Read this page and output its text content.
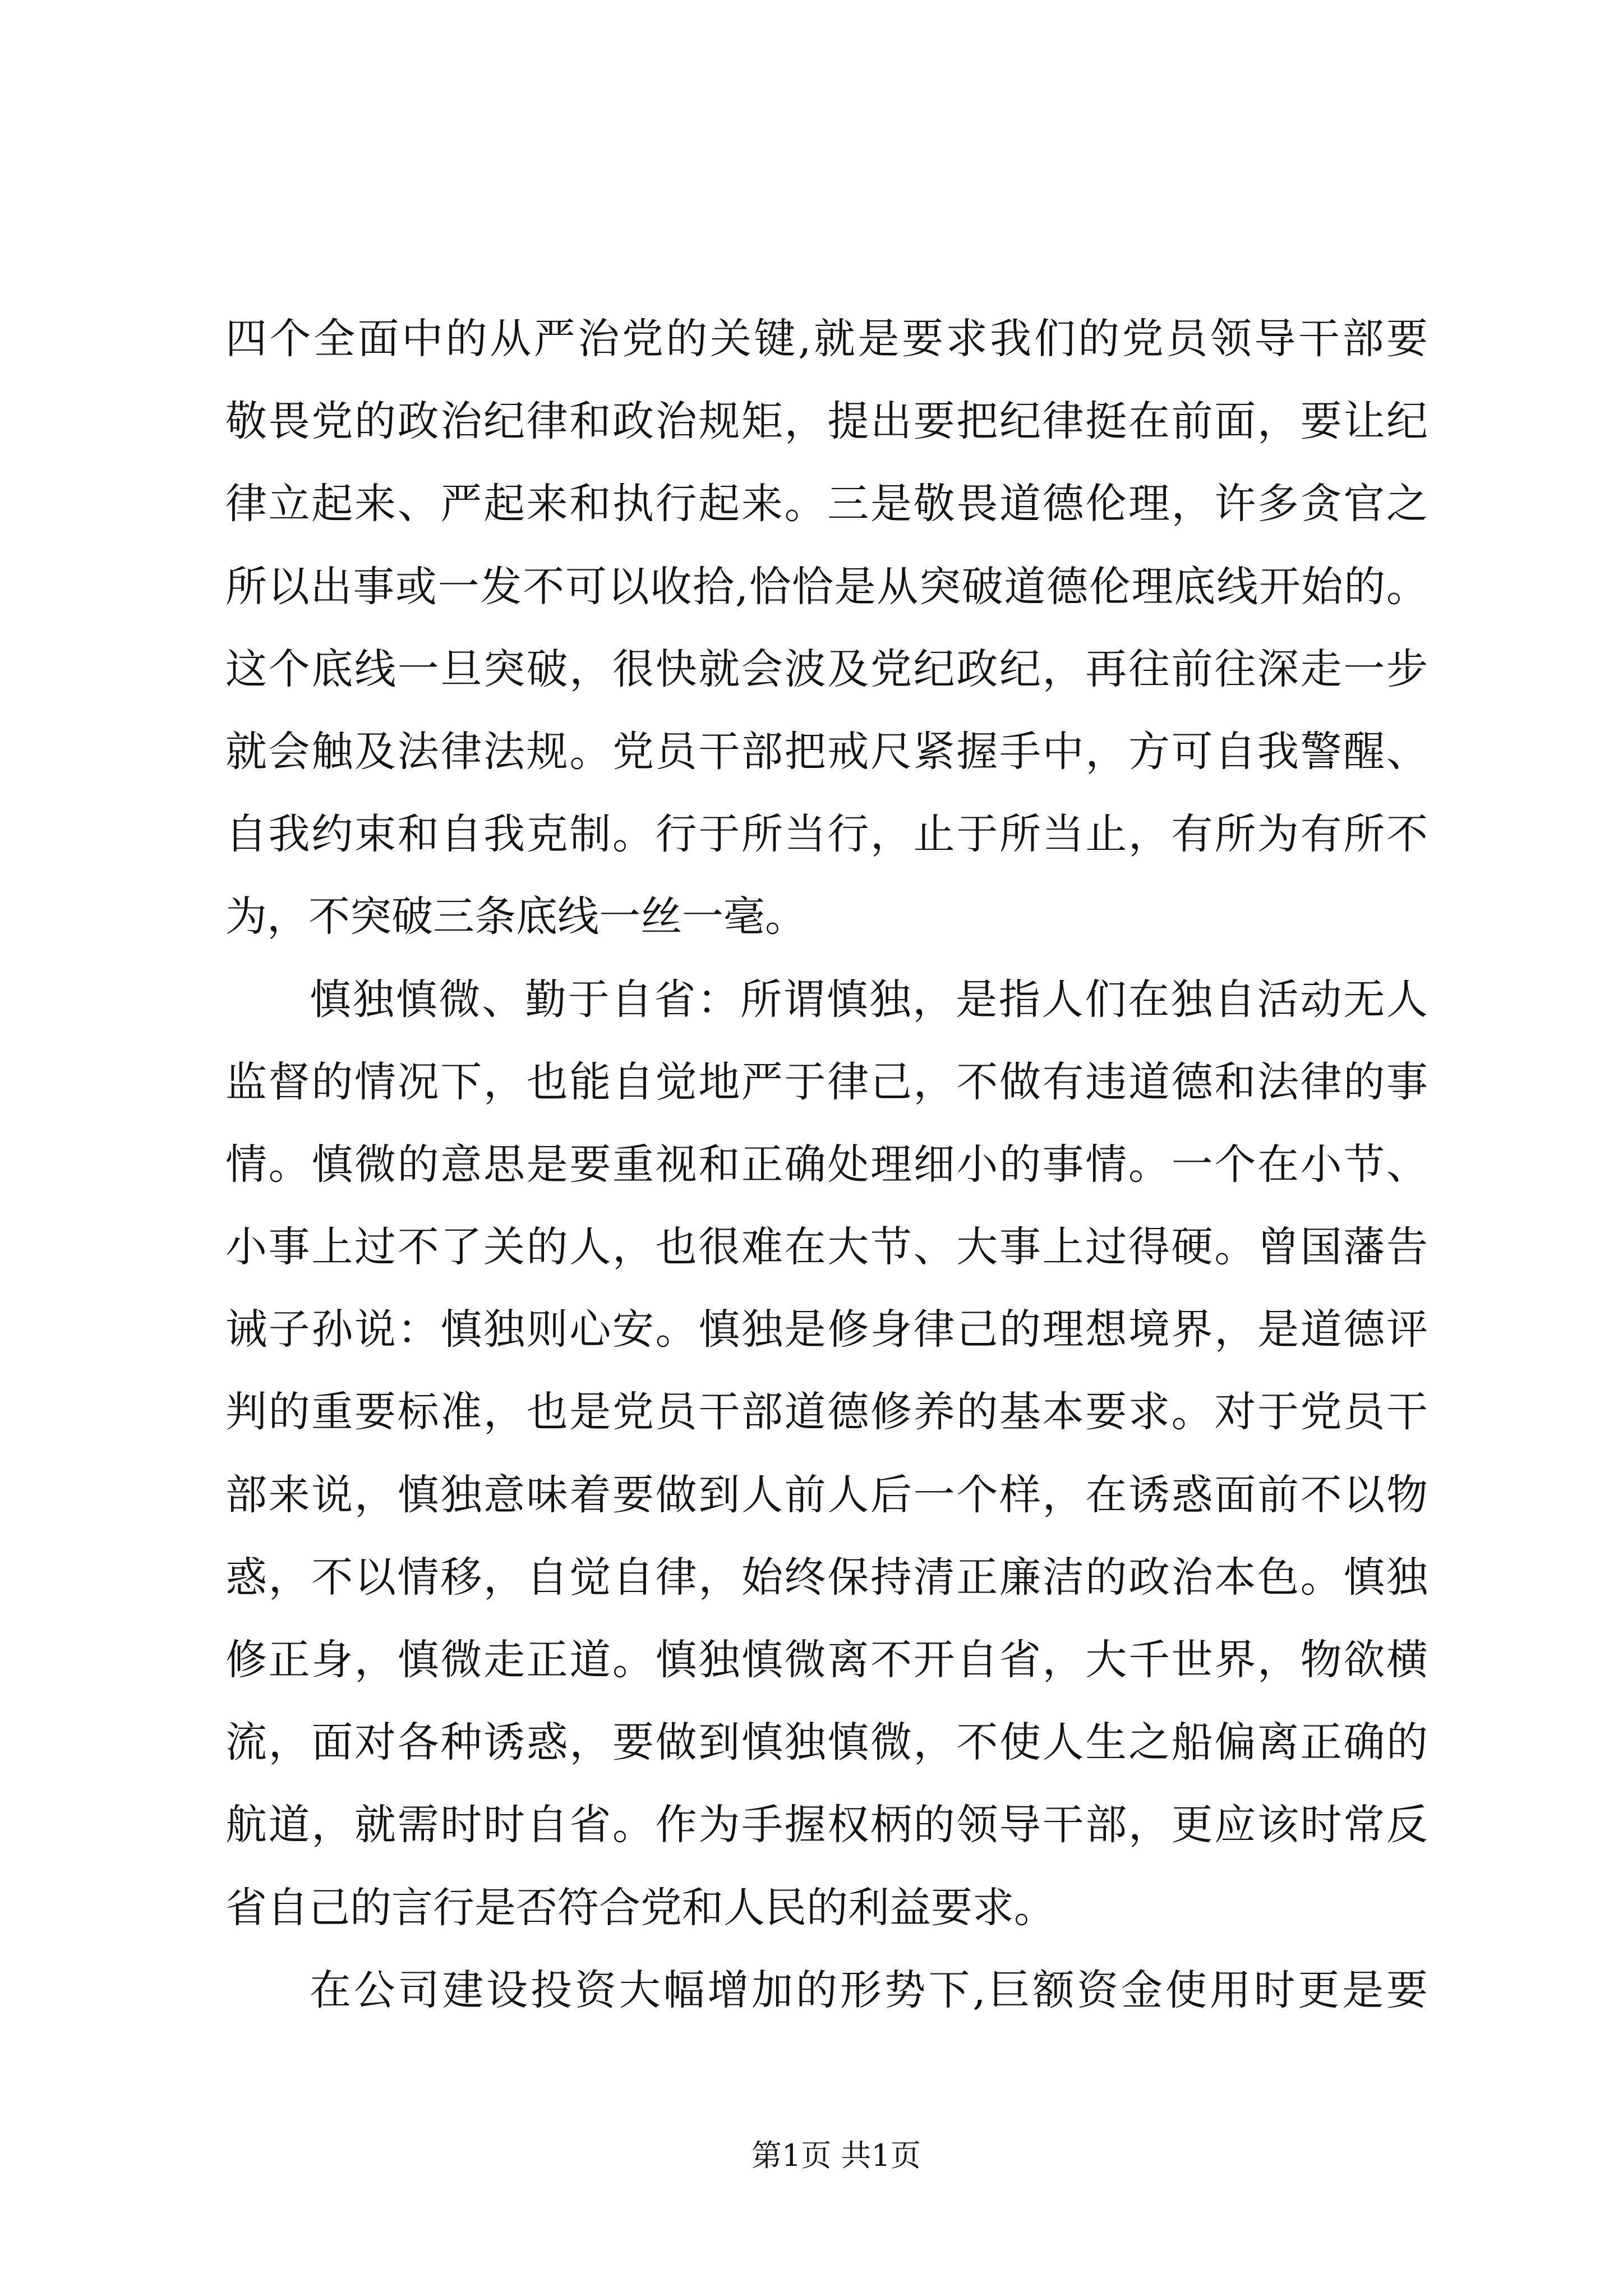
四个全面中的从严治党的关键,就是要求我们的党员领导干部要
敬畏党的政治纪律和政治规矩，提出要把纪律挺在前面，要让纪
律立起来、严起来和执行起来。三是敬畏道德伦理，许多贪官之
所以出事或一发不可以收拾,恰恰是从突破道德伦理底线开始的。
这个底线一旦突破，很快就会波及党纪政纪，再往前往深走一步
就会触及法律法规。党员干部把戒尺紧握手中，方可自我警醒、
自我约束和自我克制。行于所当行，止于所当止，有所为有所不
为，不突破三条底线一丝一毫。
慎独慎微、勤于自省：所谓慎独，是指人们在独自活动无人
监督的情况下，也能自觉地严于律己，不做有违道德和法律的事
情。慎微的意思是要重视和正确处理细小的事情。一个在小节、
小事上过不了关的人，也很难在大节、大事上过得硬。曾国藩告
诫子孙说：慎独则心安。慎独是修身律己的理想境界，是道德评
判的重要标准，也是党员干部道德修养的基本要求。对于党员干
部来说，慎独意味着要做到人前人后一个样，在诱惑面前不以物
惑，不以情移，自觉自律，始终保持清正廉洁的政治本色。慎独
修正身，慎微走正道。慎独慎微离不开自省，大千世界，物欲横
流，面对各种诱惑，要做到慎独慎微，不使人生之船偏离正确的
航道，就需时时自省。作为手握权柄的领导干部，更应该时常反
省自己的言行是否符合党和人民的利益要求。
在公司建设投资大幅增加的形势下,巨额资金使用时更是要
第1页 共1页
